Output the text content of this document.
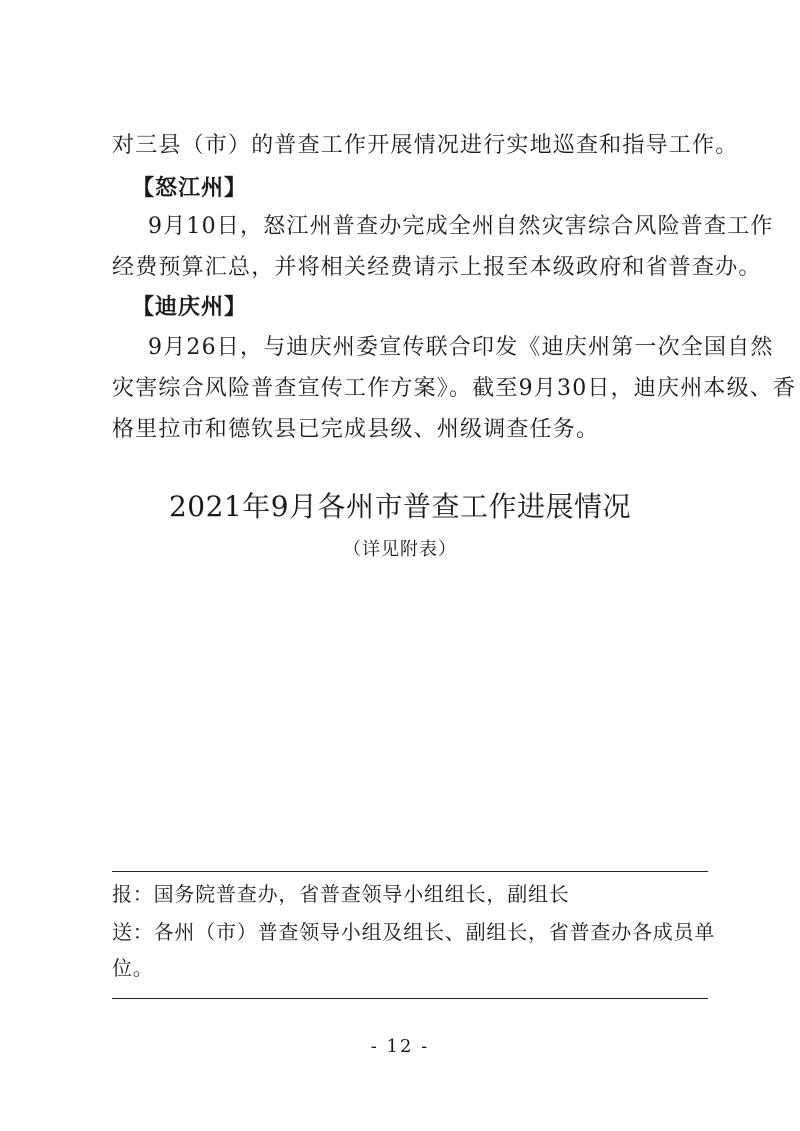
对三县（市）的普查工作开展情况进行实地巡查和指导工作。
【怒江州】
9月10日，怒江州普查办完成全州自然灾害综合风险普查工作
经费预算汇总，并将相关经费请示上报至本级政府和省普查办。
【迪庆州】
9月26日，与迪庆州委宣传联合印发《迪庆州第一次全国自然
灾害综合风险普查宣传工作方案》。截至9月30日，迪庆州本级、香
格里拉市和德钦县已完成县级、州级调查任务。
2021年9月各州市普查工作进展情况
（详见附表）
报：国务院普查办，省普查领导小组组长，副组长
送：各州（市）普查领导小组及组长、副组长，省普查办各成员单
位。
- 12 -
